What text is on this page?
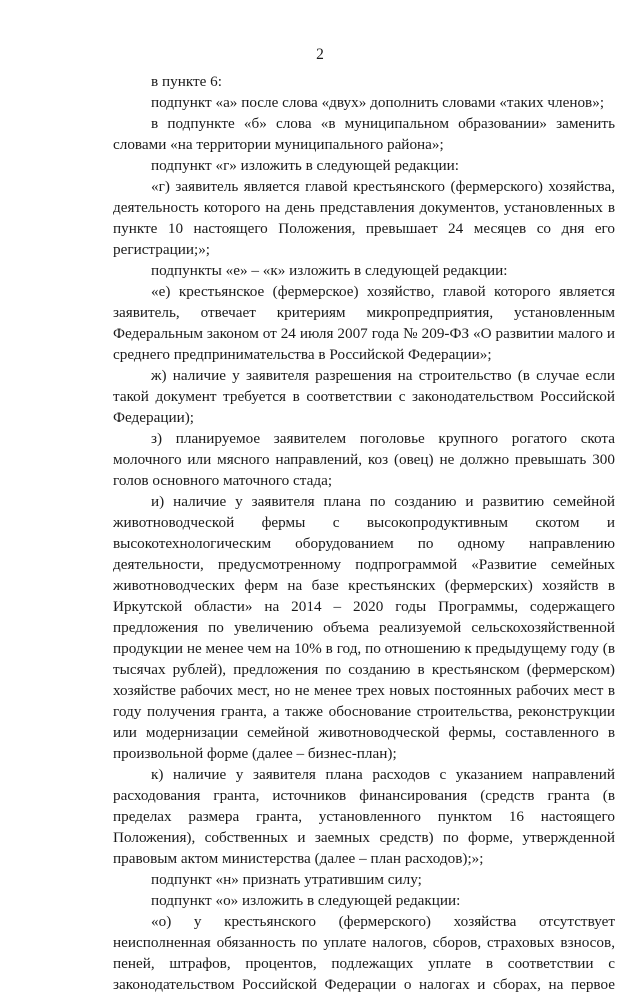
2

в пункте 6:

подпункт «а» после слова «двух» дополнить словами «таких членов»;

в подпункте «б» слова «в муниципальном образовании» заменить словами «на территории муниципального района»;

подпункт «г» изложить в следующей редакции:

«г) заявитель является главой крестьянского (фермерского) хозяйства, деятельность которого на день представления документов, установленных в пункте 10 настоящего Положения, превышает 24 месяцев со дня его регистрации;»;

подпункты «е» – «к» изложить в следующей редакции:

«е) крестьянское (фермерское) хозяйство, главой которого является заявитель, отвечает критериям микропредприятия, установленным Федеральным законом от 24 июля 2007 года № 209-ФЗ «О развитии малого и среднего предпринимательства в Российской Федерации»;

ж) наличие у заявителя разрешения на строительство (в случае если такой документ требуется в соответствии с законодательством Российской Федерации);

з) планируемое заявителем поголовье крупного рогатого скота молочного или мясного направлений, коз (овец) не должно превышать 300 голов основного маточного стада;

и) наличие у заявителя плана по созданию и развитию семейной животноводческой фермы с высокопродуктивным скотом и высокотехнологическим оборудованием по одному направлению деятельности, предусмотренному подпрограммой «Развитие семейных животноводческих ферм на базе крестьянских (фермерских) хозяйств в Иркутской области» на 2014 – 2020 годы Программы, содержащего предложения по увеличению объема реализуемой сельскохозяйственной продукции не менее чем на 10% в год, по отношению к предыдущему году (в тысячах рублей), предложения по созданию в крестьянском (фермерском) хозяйстве рабочих мест, но не менее трех новых постоянных рабочих мест в году получения гранта, а также обоснование строительства, реконструкции или модернизации семейной животноводческой фермы, составленного в произвольной форме (далее – бизнес-план);

к) наличие у заявителя плана расходов с указанием направлений расходования гранта, источников финансирования (средств гранта (в пределах размера гранта, установленного пунктом 16 настоящего Положения), собственных и заемных средств) по форме, утвержденной правовым актом министерства (далее – план расходов);»;

подпункт «н» признать утратившим силу;

подпункт «о» изложить в следующей редакции:

«о) у крестьянского (фермерского) хозяйства отсутствует неисполненная обязанность по уплате налогов, сборов, страховых взносов, пеней, штрафов, процентов, подлежащих уплате в соответствии с законодательством Российской Федерации о налогах и сборах, на первое
